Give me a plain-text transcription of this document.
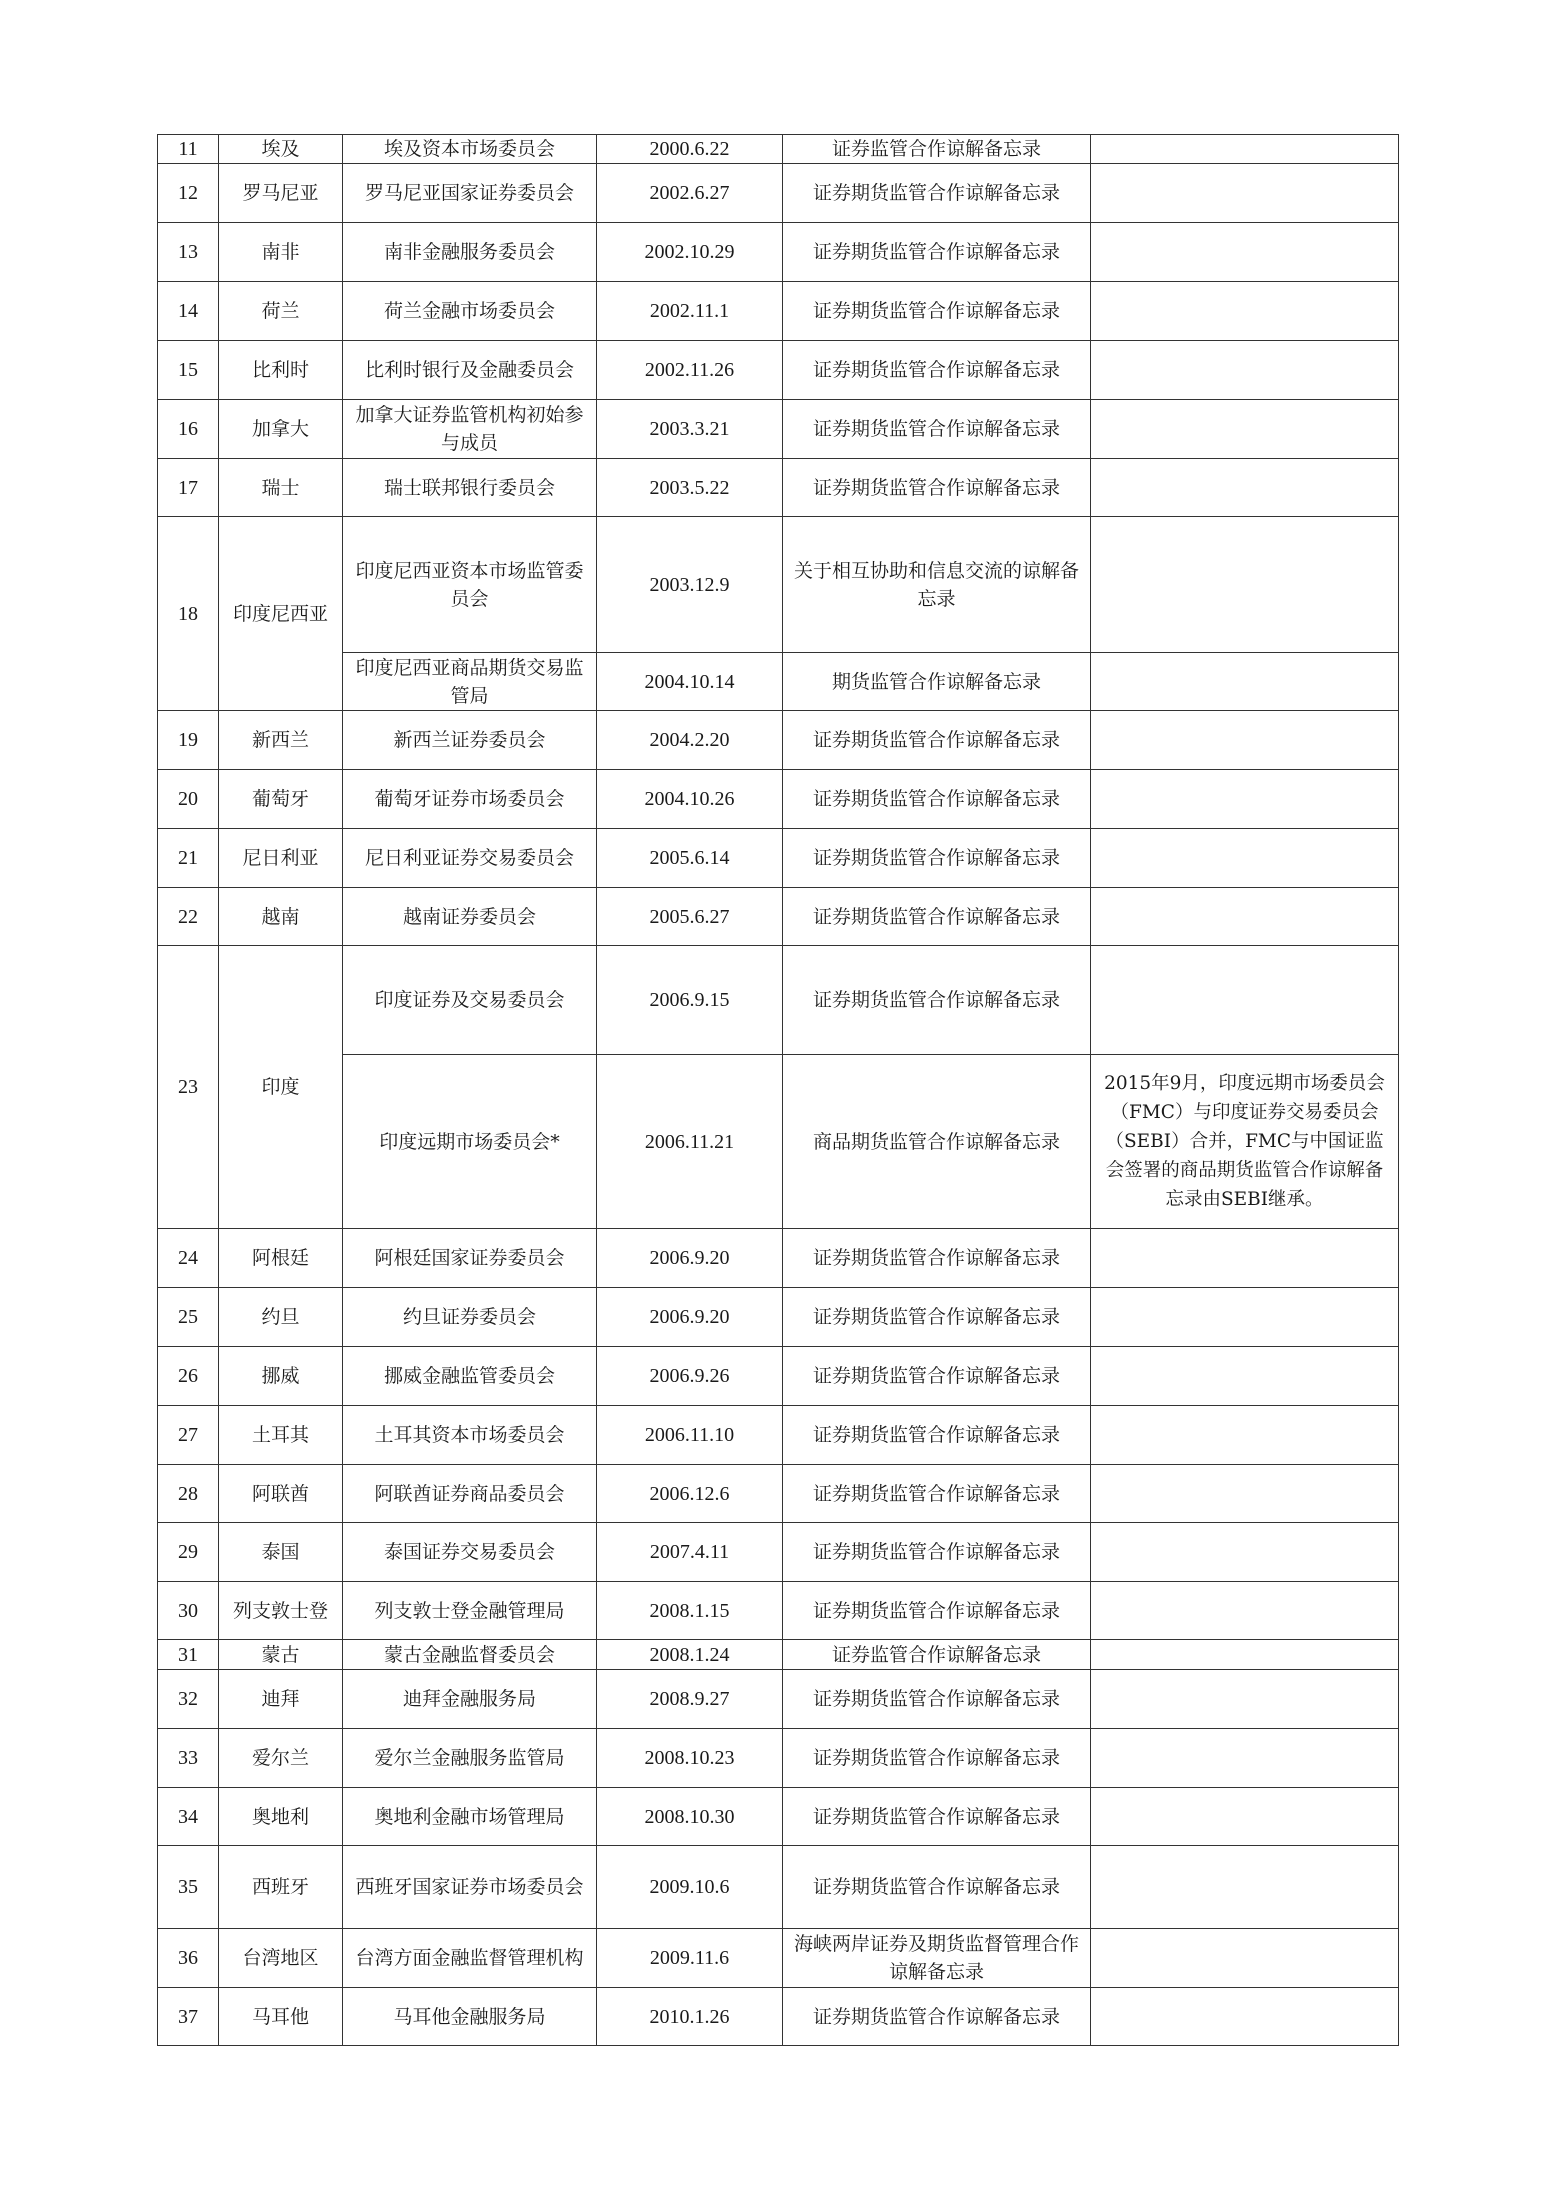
11	埃及	埃及资本市场委员会	2000.6.22	证券监管合作谅解备忘录	
12	罗马尼亚	罗马尼亚国家证券委员会	2002.6.27	证券期货监管合作谅解备忘录	
13	南非	南非金融服务委员会	2002.10.29	证券期货监管合作谅解备忘录	
14	荷兰	荷兰金融市场委员会	2002.11.1	证券期货监管合作谅解备忘录	
15	比利时	比利时银行及金融委员会	2002.11.26	证券期货监管合作谅解备忘录	
16	加拿大	加拿大证券监管机构初始参与成员	2003.3.21	证券期货监管合作谅解备忘录	
17	瑞士	瑞士联邦银行委员会	2003.5.22	证券期货监管合作谅解备忘录	
18	印度尼西亚	印度尼西亚资本市场监管委员会	2003.12.9	关于相互协助和信息交流的谅解备忘录	
		印度尼西亚商品期货交易监管局	2004.10.14	期货监管合作谅解备忘录	
19	新西兰	新西兰证券委员会	2004.2.20	证券期货监管合作谅解备忘录	
20	葡萄牙	葡萄牙证券市场委员会	2004.10.26	证券期货监管合作谅解备忘录	
21	尼日利亚	尼日利亚证券交易委员会	2005.6.14	证券期货监管合作谅解备忘录	
22	越南	越南证券委员会	2005.6.27	证券期货监管合作谅解备忘录	
23	印度	印度证券及交易委员会	2006.9.15	证券期货监管合作谅解备忘录	
		印度远期市场委员会*	2006.11.21	商品期货监管合作谅解备忘录	2015年9月，印度远期市场委员会（FMC）与印度证券交易委员会（SEBI）合并，FMC与中国证监会签署的商品期货监管合作谅解备忘录由SEBI继承。
24	阿根廷	阿根廷国家证券委员会	2006.9.20	证券期货监管合作谅解备忘录	
25	约旦	约旦证券委员会	2006.9.20	证券期货监管合作谅解备忘录	
26	挪威	挪威金融监管委员会	2006.9.26	证券期货监管合作谅解备忘录	
27	土耳其	土耳其资本市场委员会	2006.11.10	证券期货监管合作谅解备忘录	
28	阿联酋	阿联酋证券商品委员会	2006.12.6	证券期货监管合作谅解备忘录	
29	泰国	泰国证券交易委员会	2007.4.11	证券期货监管合作谅解备忘录	
30	列支敦士登	列支敦士登金融管理局	2008.1.15	证券期货监管合作谅解备忘录	
31	蒙古	蒙古金融监督委员会	2008.1.24	证券监管合作谅解备忘录	
32	迪拜	迪拜金融服务局	2008.9.27	证券期货监管合作谅解备忘录	
33	爱尔兰	爱尔兰金融服务监管局	2008.10.23	证券期货监管合作谅解备忘录	
34	奥地利	奥地利金融市场管理局	2008.10.30	证券期货监管合作谅解备忘录	
35	西班牙	西班牙国家证券市场委员会	2009.10.6	证券期货监管合作谅解备忘录	
36	台湾地区	台湾方面金融监督管理机构	2009.11.6	海峡两岸证券及期货监督管理合作谅解备忘录	
37	马耳他	马耳他金融服务局	2010.1.26	证券期货监管合作谅解备忘录	
